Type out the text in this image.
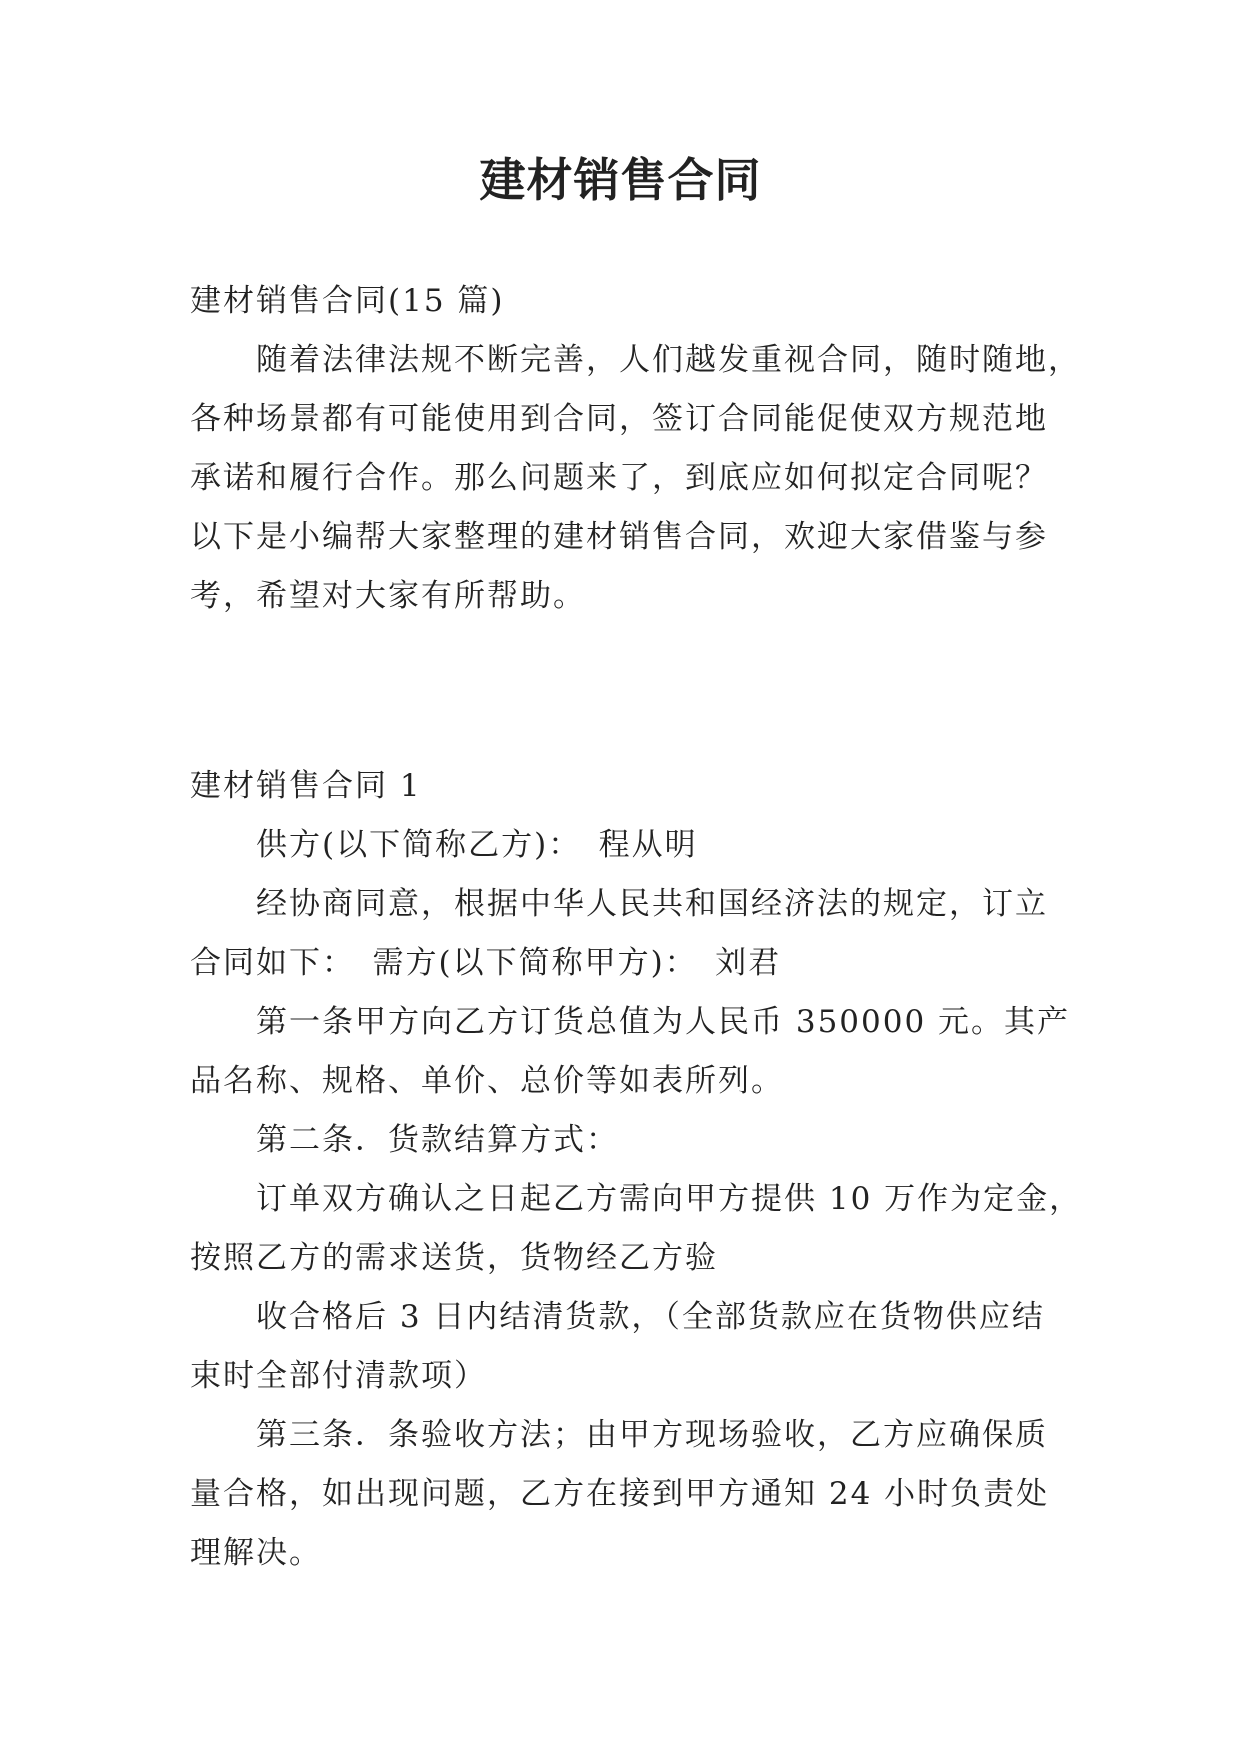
建材销售合同
建材销售合同(15 篇)
随着法律法规不断完善，人们越发重视合同，随时随地，
各种场景都有可能使用到合同，签订合同能促使双方规范地
承诺和履行合作。那么问题来了，到底应如何拟定合同呢？
以下是小编帮大家整理的建材销售合同，欢迎大家借鉴与参
考，希望对大家有所帮助。
建材销售合同 1
供方(以下简称乙方)：　程从明
经协商同意，根据中华人民共和国经济法的规定，订立
合同如下：　需方(以下简称甲方)：　刘君
第一条甲方向乙方订货总值为人民币 350000 元。其产
品名称、规格、单价、总价等如表所列。
第二条．货款结算方式：
订单双方确认之日起乙方需向甲方提供 10 万作为定金，
按照乙方的需求送货，货物经乙方验
收合格后 3 日内结清货款，（全部货款应在货物供应结
束时全部付清款项）
第三条．条验收方法；由甲方现场验收，乙方应确保质
量合格，如出现问题，乙方在接到甲方通知 24 小时负责处
理解决。
